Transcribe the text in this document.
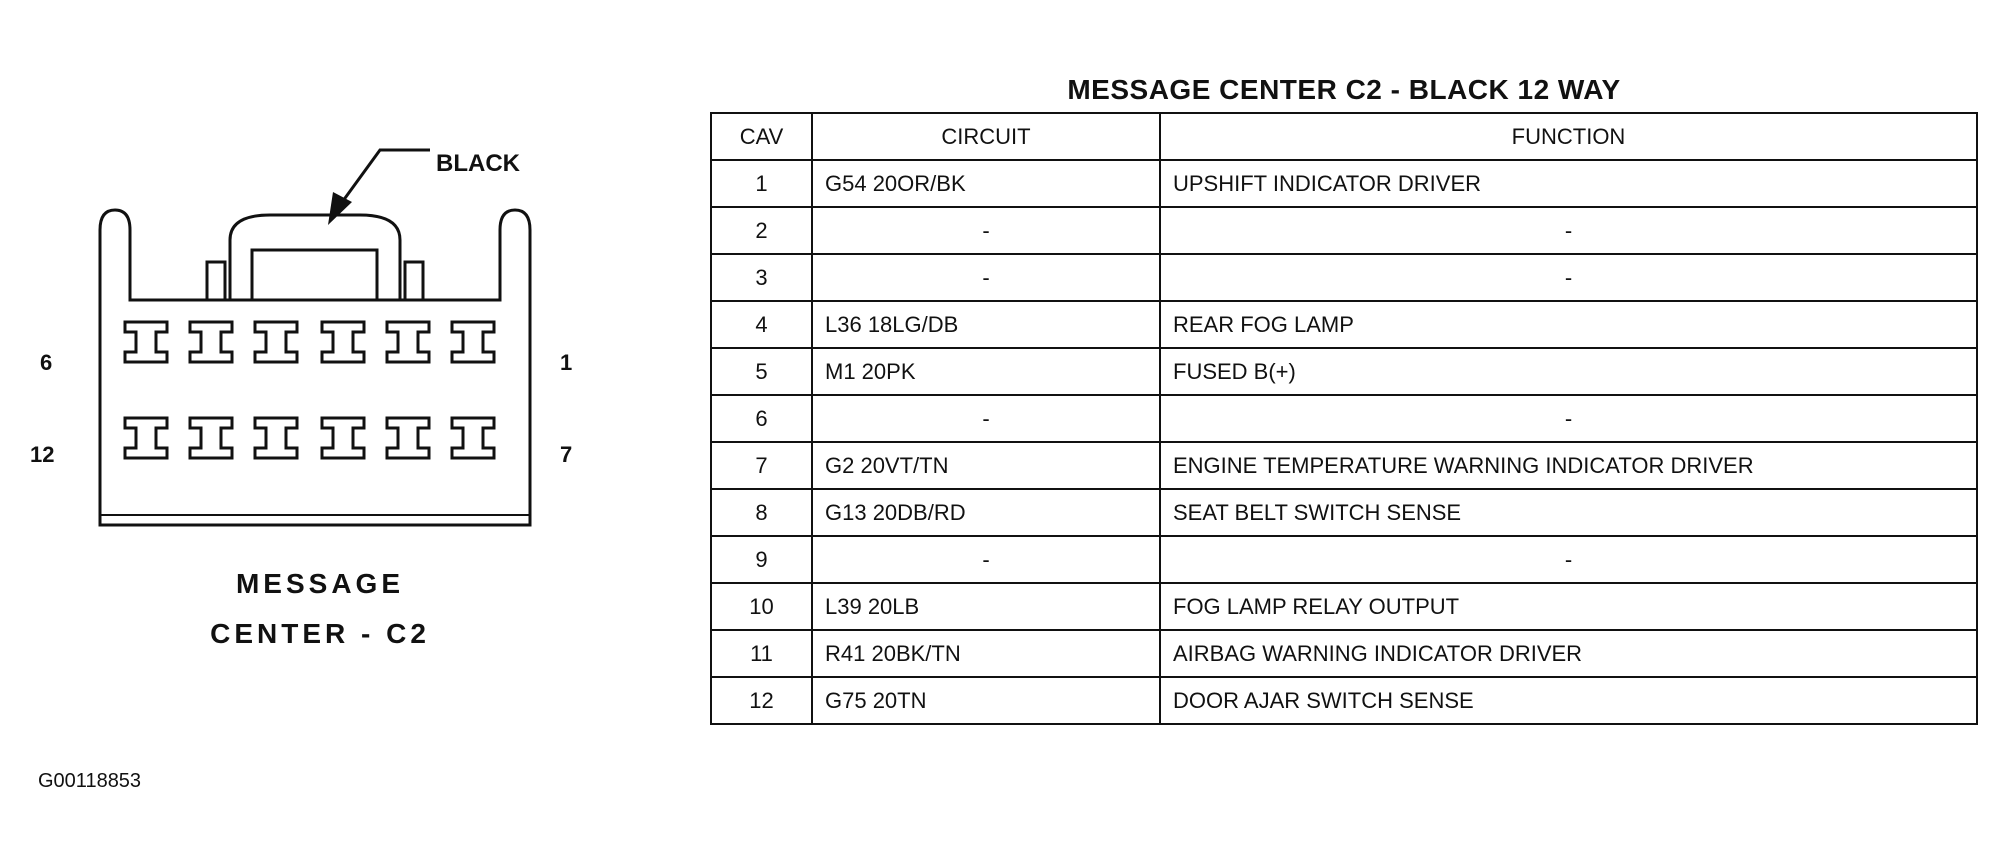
BLACK
6	1
12	7
MESSAGE
CENTER - C2
G00118853
MESSAGE CENTER C2 - BLACK 12 WAY
CAV	CIRCUIT	FUNCTION
1	G54 20OR/BK	UPSHIFT INDICATOR DRIVER
2	-	-
3	-	-
4	L36 18LG/DB	REAR FOG LAMP
5	M1 20PK	FUSED B(+)
6	-	-
7	G2 20VT/TN	ENGINE TEMPERATURE WARNING INDICATOR DRIVER
8	G13 20DB/RD	SEAT BELT SWITCH SENSE
9	-	-
10	L39 20LB	FOG LAMP RELAY OUTPUT
11	R41 20BK/TN	AIRBAG WARNING INDICATOR DRIVER
12	G75 20TN	DOOR AJAR SWITCH SENSE
